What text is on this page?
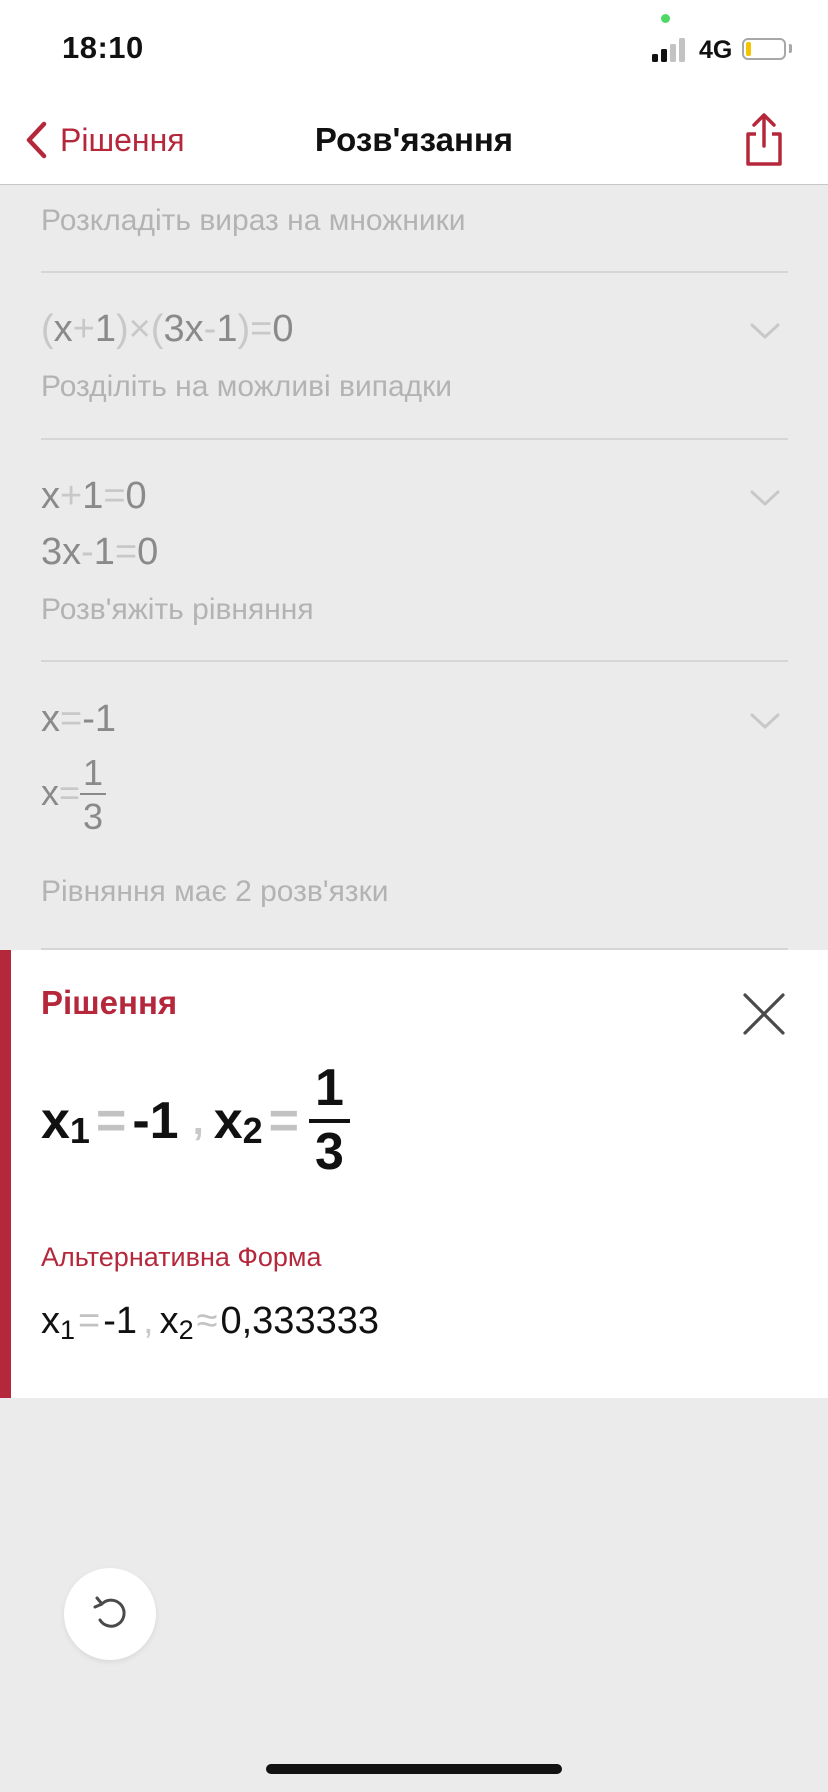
18:10	4G
Розв'язання
Рішення
Розкладіть вираз на множники
(x+1)×(3x-1)=0
Розділіть на можливі випадки
x+1=0
3x-1=0
Розв'яжіть рівняння
x=-1
$x= \frac{1}{3}$
Рівняння має 2 розв'язки
Рішення
$x_1 = -1$ , $x_2 = \frac{1}{3}$
Альтернативна Форма
$x_1=-1$ , $x_2\approx 0,333333$
